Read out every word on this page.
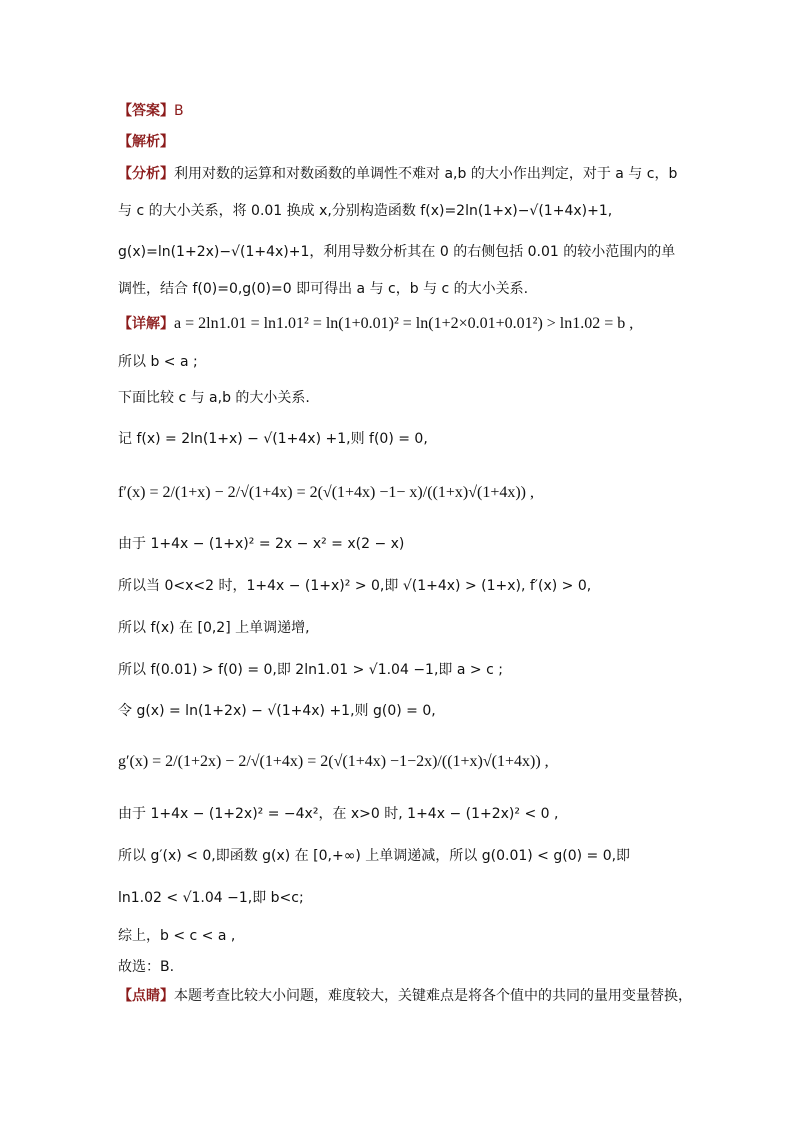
【答案】B
【解析】
【分析】利用对数的运算和对数函数的单调性不难对 a,b 的大小作出判定，对于 a 与 c，b
与 c 的大小关系，将 0.01 换成 x,分别构造函数 f(x)=2ln(1+x)−√(1+4x)+1,
g(x)=ln(1+2x)−√(1+4x)+1，利用导数分析其在 0 的右侧包括 0.01 的较小范围内的单
调性，结合 f(0)=0,g(0)=0 即可得出 a 与 c，b 与 c 的大小关系.
【详解】a = 2ln1.01 = ln1.01² = ln(1+0.01)² = ln(1+2×0.01+0.01²) > ln1.02 = b ,
所以 b < a ;
下面比较 c 与 a,b 的大小关系.
记 f(x) = 2ln(1+x) − √(1+4x) +1,则 f(0) = 0,
f′(x) = 2/(1+x) − 2/√(1+4x) = 2(√(1+4x) −1− x)/((1+x)√(1+4x)) ,
由于 1+4x − (1+x)² = 2x − x² = x(2 − x)
所以当 0<x<2 时，1+4x − (1+x)² > 0,即 √(1+4x) > (1+x), f′(x) > 0,
所以 f(x) 在 [0,2] 上单调递增,
所以 f(0.01) > f(0) = 0,即 2ln1.01 > √1.04 −1,即 a > c ;
令 g(x) = ln(1+2x) − √(1+4x) +1,则 g(0) = 0,
g′(x) = 2/(1+2x) − 2/√(1+4x) = 2(√(1+4x) −1−2x)/((1+x)√(1+4x)) ,
由于 1+4x − (1+2x)² = −4x²，在 x>0 时, 1+4x − (1+2x)² < 0 ,
所以 g′(x) < 0,即函数 g(x) 在 [0,+∞) 上单调递减，所以 g(0.01) < g(0) = 0,即
ln1.02 < √1.04 −1,即 b<c;
综上，b < c < a ,
故选：B.
【点睛】本题考查比较大小问题，难度较大，关键难点是将各个值中的共同的量用变量替换，
